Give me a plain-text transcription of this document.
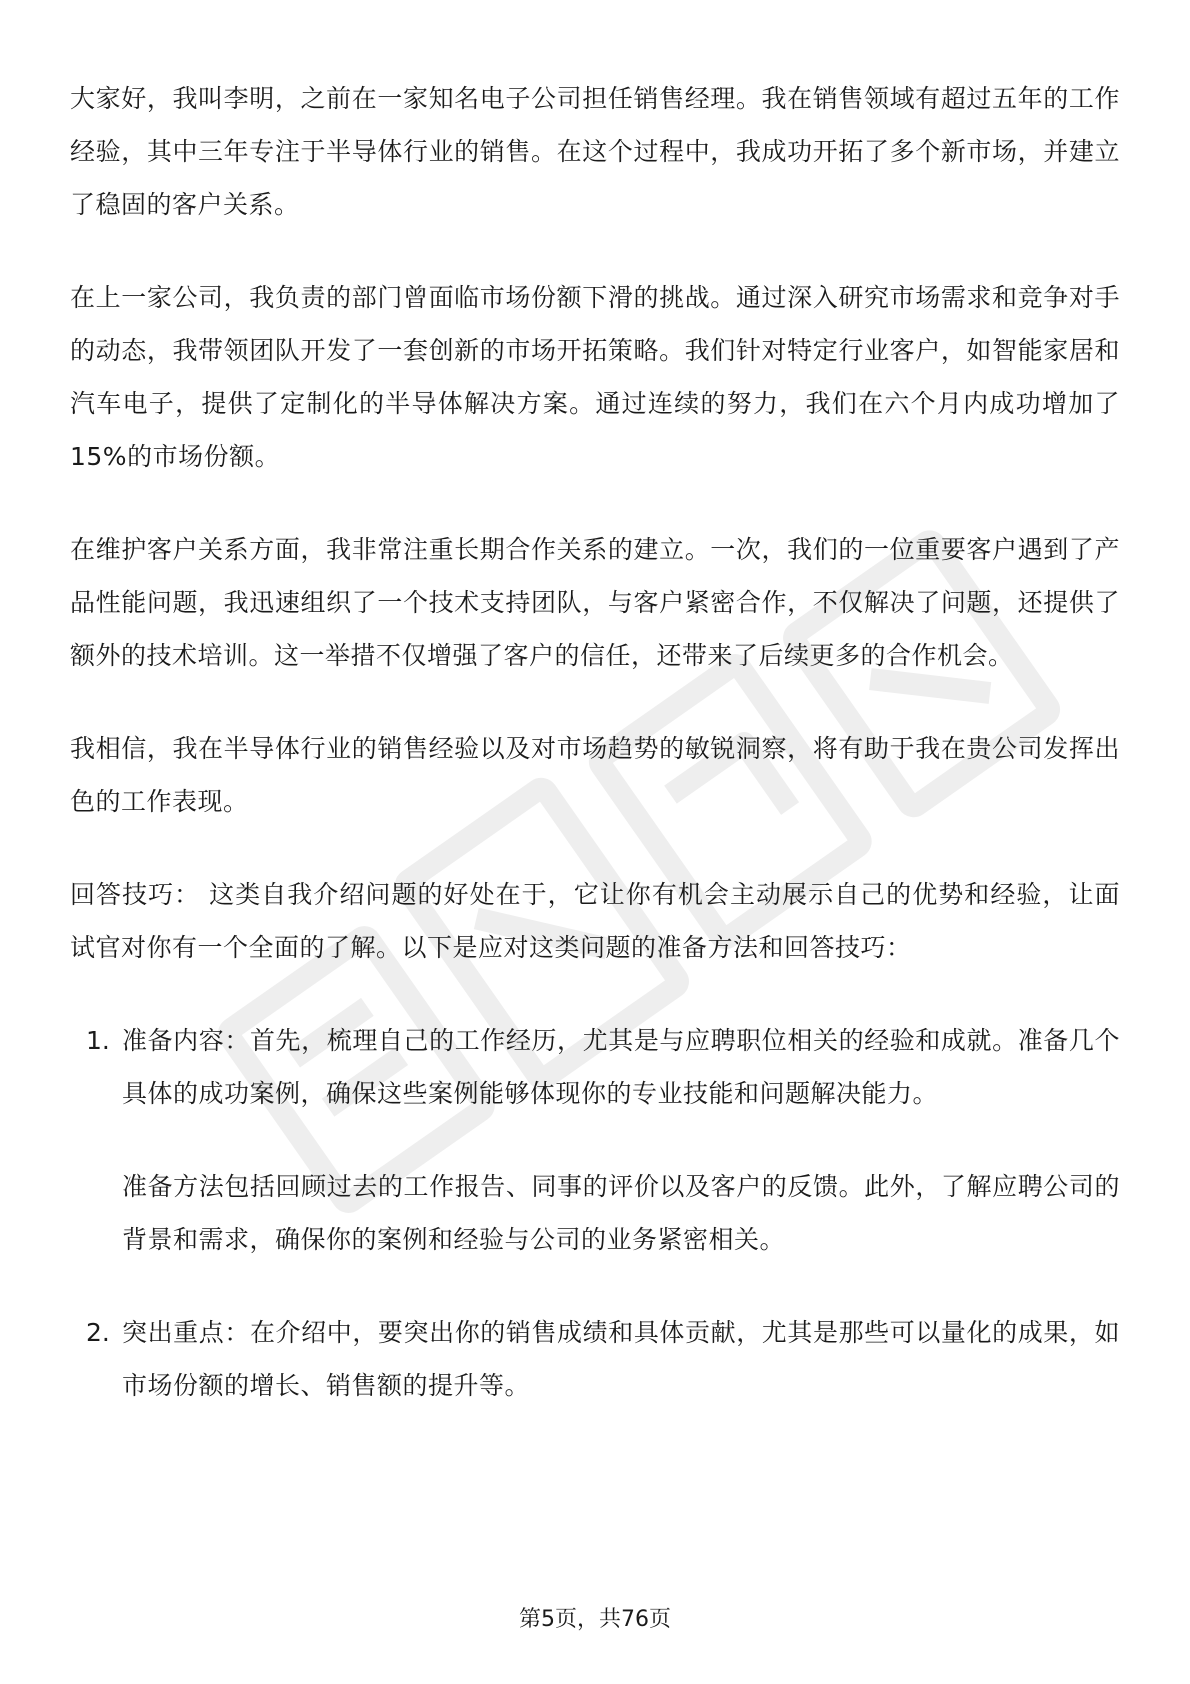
大家好，我叫李明，之前在一家知名电子公司担任销售经理。我在销售领域有超过五年的工作经验，其中三年专注于半导体行业的销售。在这个过程中，我成功开拓了多个新市场，并建立了稳固的客户关系。

在上一家公司，我负责的部门曾面临市场份额下滑的挑战。通过深入研究市场需求和竞争对手的动态，我带领团队开发了一套创新的市场开拓策略。我们针对特定行业客户，如智能家居和汽车电子，提供了定制化的半导体解决方案。通过连续的努力，我们在六个月内成功增加了15%的市场份额。

在维护客户关系方面，我非常注重长期合作关系的建立。一次，我们的一位重要客户遇到了产品性能问题，我迅速组织了一个技术支持团队，与客户紧密合作，不仅解决了问题，还提供了额外的技术培训。这一举措不仅增强了客户的信任，还带来了后续更多的合作机会。

我相信，我在半导体行业的销售经验以及对市场趋势的敏锐洞察，将有助于我在贵公司发挥出色的工作表现。

回答技巧： 这类自我介绍问题的好处在于，它让你有机会主动展示自己的优势和经验，让面试官对你有一个全面的了解。以下是应对这类问题的准备方法和回答技巧：

1. 准备内容：首先，梳理自己的工作经历，尤其是与应聘职位相关的经验和成就。准备几个具体的成功案例，确保这些案例能够体现你的专业技能和问题解决能力。

准备方法包括回顾过去的工作报告、同事的评价以及客户的反馈。此外，了解应聘公司的背景和需求，确保你的案例和经验与公司的业务紧密相关。

2. 突出重点：在介绍中，要突出你的销售成绩和具体贡献，尤其是那些可以量化的成果，如市场份额的增长、销售额的提升等。

第5页，共76页
